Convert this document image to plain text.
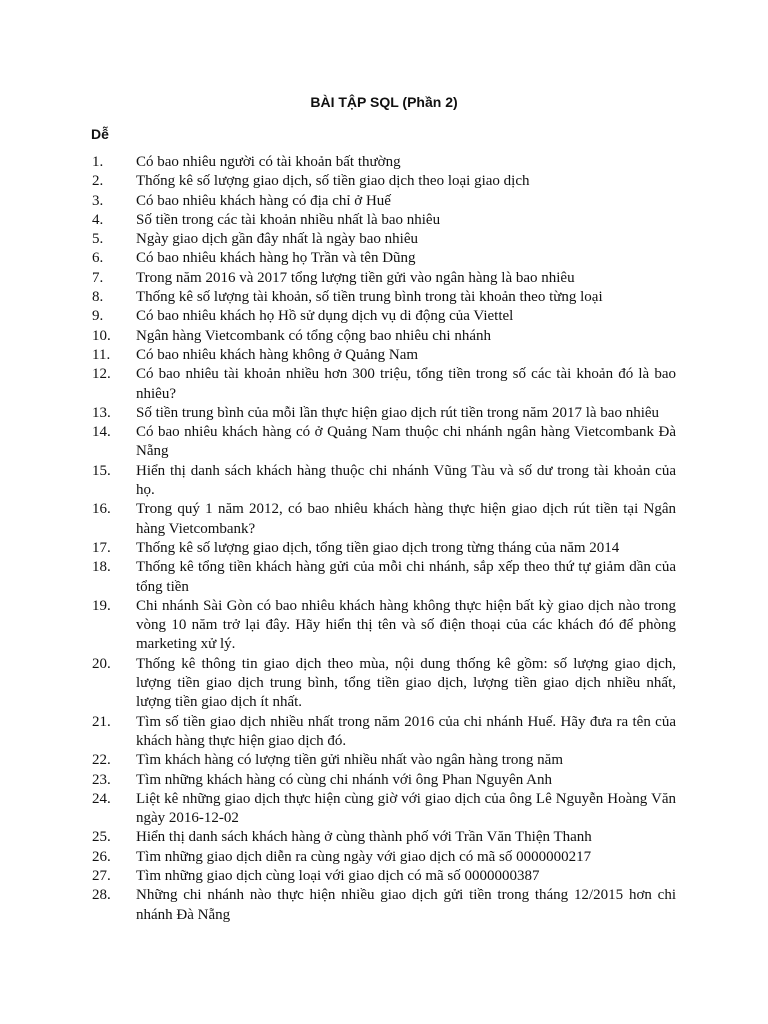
BÀI TẬP SQL (Phần 2)
Dễ
1.	Có bao nhiêu người có tài khoản bất thường
2.	Thống kê số lượng giao dịch, số tiền giao dịch theo loại giao dịch
3.	Có bao nhiêu khách hàng có địa chỉ ở Huế
4.	Số tiền trong các tài khoản nhiều nhất là bao nhiêu
5.	Ngày giao dịch gần đây nhất là ngày bao nhiêu
6.	Có bao nhiêu khách hàng họ Trần và tên Dũng
7.	Trong năm 2016 và 2017 tổng lượng tiền gửi vào ngân hàng là bao nhiêu
8.	Thống kê số lượng tài khoản, số tiền trung bình trong tài khoản theo từng loại
9.	Có bao nhiêu khách họ Hồ sử dụng dịch vụ di động của Viettel
10.	Ngân hàng Vietcombank có tổng cộng bao nhiêu chi nhánh
11.	Có bao nhiêu khách hàng không ở Quảng Nam
12.	Có bao nhiêu tài khoản nhiều hơn 300 triệu, tổng tiền trong số các tài khoản đó là bao nhiêu?
13.	Số tiền trung bình của mỗi lần thực hiện giao dịch rút tiền trong năm 2017 là bao nhiêu
14.	Có bao nhiêu khách hàng có ở Quảng Nam thuộc chi nhánh ngân hàng Vietcombank Đà Nẵng
15.	Hiển thị danh sách khách hàng thuộc chi nhánh Vũng Tàu và số dư trong tài khoản của họ.
16.	Trong quý 1 năm 2012, có bao nhiêu khách hàng thực hiện giao dịch rút tiền tại Ngân hàng Vietcombank?
17.	Thống kê số lượng giao dịch, tổng tiền giao dịch trong từng tháng của năm 2014
18.	Thống kê tổng tiền khách hàng gửi của mỗi chi nhánh, sắp xếp theo thứ tự giảm dần của tổng tiền
19.	Chi nhánh Sài Gòn có bao nhiêu khách hàng không thực hiện bất kỳ giao dịch nào trong vòng 10 năm trở lại đây. Hãy hiển thị tên và số điện thoại của các khách đó để phòng marketing xử lý.
20.	Thống kê thông tin giao dịch theo mùa, nội dung thống kê gồm: số lượng giao dịch, lượng tiền giao dịch trung bình, tổng tiền giao dịch, lượng tiền giao dịch nhiều nhất, lượng tiền giao dịch ít nhất.
21.	Tìm số tiền giao dịch nhiều nhất trong năm 2016 của chi nhánh Huế. Hãy đưa ra tên của khách hàng thực hiện giao dịch đó.
22.	Tìm khách hàng có lượng tiền gửi nhiều nhất vào ngân hàng trong năm
23.	Tìm những khách hàng có cùng chi nhánh với ông Phan Nguyên Anh
24.	Liệt kê những giao dịch thực hiện cùng giờ với giao dịch của ông Lê Nguyễn Hoàng Văn ngày 2016-12-02
25.	Hiển thị danh sách khách hàng ở cùng thành phố với Trần Văn Thiện Thanh
26.	Tìm những giao dịch diễn ra cùng ngày với giao dịch có mã số 0000000217
27.	Tìm những giao dịch cùng loại với giao dịch có mã số 0000000387
28.	Những chi nhánh nào thực hiện nhiều giao dịch gửi tiền trong tháng 12/2015 hơn chi nhánh Đà Nẵng
